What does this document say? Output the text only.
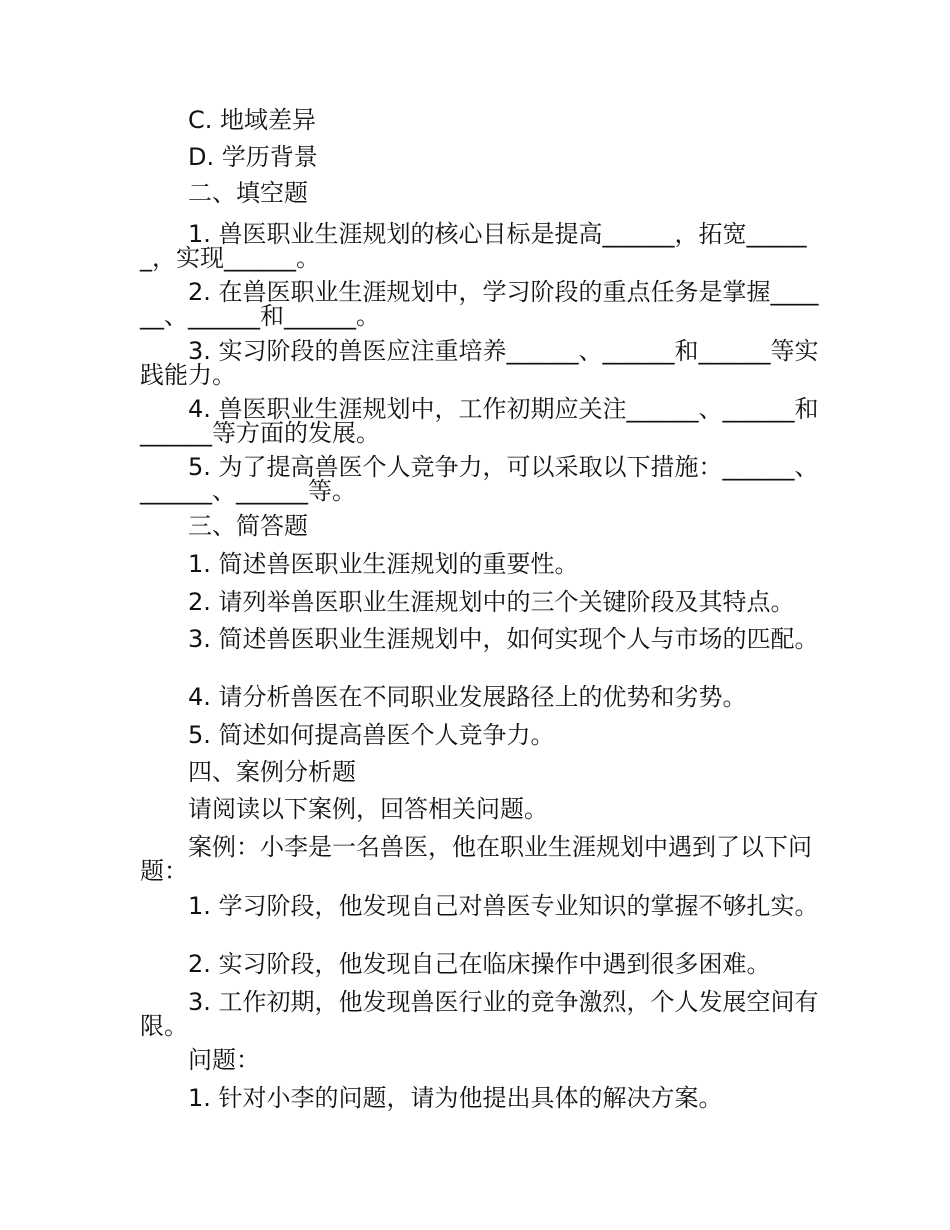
C. 地域差异

D. 学历背景

二、填空题

1. 兽医职业生涯规划的核心目标是提高______，拓宽______，实现______。

2. 在兽医职业生涯规划中，学习阶段的重点任务是掌握______、______和______。

3. 实习阶段的兽医应注重培养______、______和______等实践能力。

4. 兽医职业生涯规划中，工作初期应关注______、______和______等方面的发展。

5. 为了提高兽医个人竞争力，可以采取以下措施：______、______、______等。

三、简答题

1. 简述兽医职业生涯规划的重要性。

2. 请列举兽医职业生涯规划中的三个关键阶段及其特点。

3. 简述兽医职业生涯规划中，如何实现个人与市场的匹配。

4. 请分析兽医在不同职业发展路径上的优势和劣势。

5. 简述如何提高兽医个人竞争力。

四、案例分析题

请阅读以下案例，回答相关问题。

案例：小李是一名兽医，他在职业生涯规划中遇到了以下问题：

1. 学习阶段，他发现自己对兽医专业知识的掌握不够扎实。

2. 实习阶段，他发现自己在临床操作中遇到很多困难。

3. 工作初期，他发现兽医行业的竞争激烈，个人发展空间有限。

问题：

1. 针对小李的问题，请为他提出具体的解决方案。
